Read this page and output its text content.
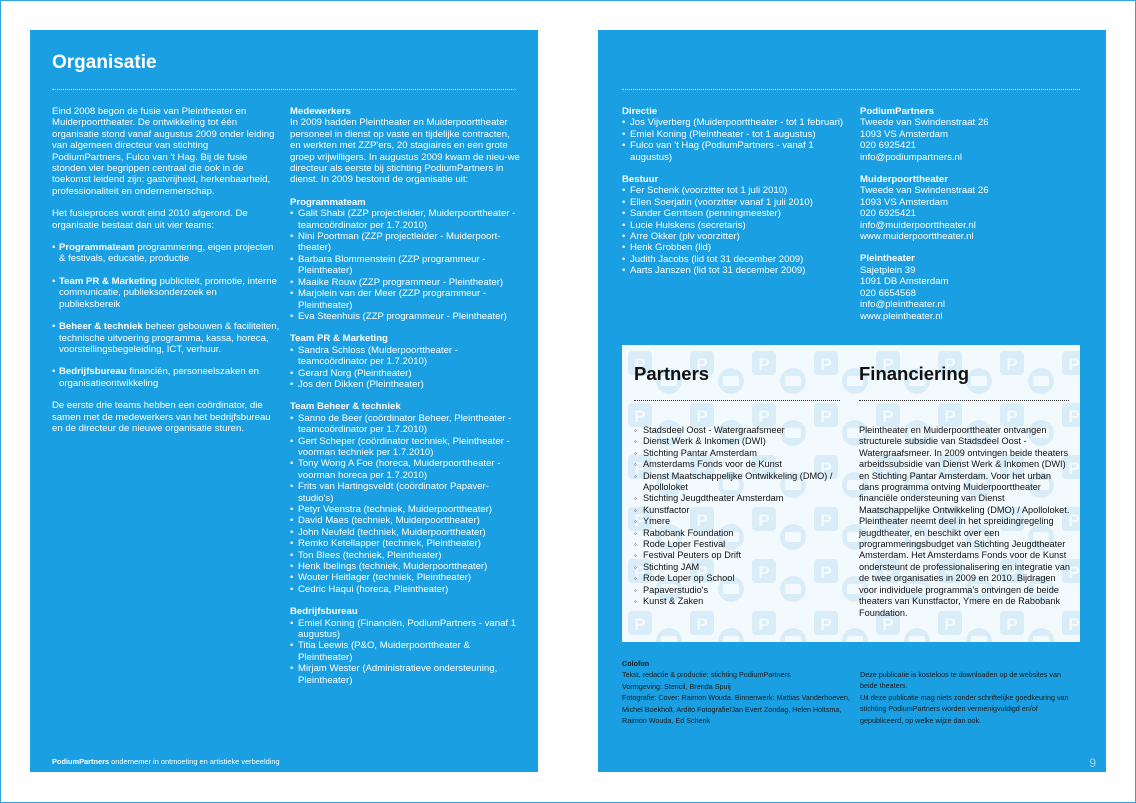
Organisatie

Eind 2008 begon de fusie van Pleintheater en Muiderpoorttheater. De ontwikkeling tot één organisatie stond vanaf augustus 2009 onder leiding van algemeen directeur van stichting PodiumPartners, Fulco van 't Hag. Bij de fusie stonden vier begrippen centraal die ook in de toekomst leidend zijn: gastvrijheid, herkenbaarheid, professionaliteit en ondernemerschap.

Het fusieproces wordt eind 2010 afgerond. De organisatie bestaat dan uit vier teams:

• Programmateam programmering, eigen projecten & festivals, educatie, productie
• Team PR & Marketing publiciteit, promotie, interne communicatie, publieksonderzoek en publieksbereik
• Beheer & techniek beheer gebouwen & faciliteiten, technische uitvoering programma, kassa, horeca, voorstellingsbegeleiding, ICT, verhuur.
• Bedrijfsbureau financiën, personeelszaken en organisatieontwikkeling

De eerste drie teams hebben een coördinator, die samen met de medewerkers van het bedrijfsbureau en de directeur de nieuwe organisatie sturen.

Medewerkers

In 2009 hadden Pleintheater en Muiderpoorttheater personeel in dienst op vaste en tijdelijke contracten, en werkten met ZZP'ers, 20 stagiaires en een grote groep vrijwilligers. In augustus 2009 kwam de nieu-we directeur als eerste bij stichting PodiumPartners in dienst. In 2009 bestond de organisatie uit:

Programmateam

• Galit Shabi (ZZP projectleider, Muiderpoorttheater - teamcoördinator per 1.7.2010)
• Nini Poortman (ZZP projectleider - Muiderpoort-theater)
• Barbara Blommenstein (ZZP programmeur - Pleintheater)
• Maaike Rouw (ZZP programmeur - Pleintheater)
• Marjolein van der Meer (ZZP programmeur - Pleintheater)
• Eva Steenhuis (ZZP programmeur - Pleintheater)

Team PR & Marketing

• Sandra Schloss (Muiderpoorttheater - teamcoördinator per 1.7.2010)
• Gerard Norg (Pleintheater)
• Jos den Dikken (Pleintheater)

Team Beheer & techniek

• Sanno de Beer (coördinator Beheer, Pleintheater - teamcoördinator per 1.7.2010)
• Gert Scheper (coördinator techniek, Pleintheater - voorman techniek per 1.7.2010)
• Tony Wong A Foe (horeca, Muiderpoorttheater - voorman horeca per 1.7.2010)
• Frits van Hartingsveldt (coördinator Papaver-studio's)
• Petyr Veenstra (techniek, Muiderpoorttheater)
• David Maes (techniek, Muiderpoorttheater)
• John Neufeld (techniek, Muiderpoorttheater)
• Remko Ketellapper (techniek, Pleintheater)
• Ton Blees (techniek, Pleintheater)
• Henk Ibelings (techniek, Muiderpoorttheater)
• Wouter Heitlager (techniek, Pleintheater)
• Cedric Haqui (horeca, Pleintheater)

Bedrijfsbureau

• Emiel Koning (Financiën, PodiumPartners - vanaf 1 augustus)
• Titia Leewis (P&O, Muiderpoorttheater & Pleintheater)
• Mirjam Wester (Administratieve ondersteuning, Pleintheater)
PodiumPartners ondernemer in ontmoeting en artistieke verbeelding

Directie

• Jos Vijverberg (Muiderpoorttheater - tot 1 februari)
• Emiel Koning (Pleintheater - tot 1 augustus)
• Fulco van 't Hag (PodiumPartners - vanaf 1 augustus)

Bestuur

• Fer Schenk (voorzitter tot 1 juli 2010)
• Ellen Soerjatin (voorzitter vanaf 1 juli 2010)
• Sander Gerritsen (penningmeester)
• Lucie Huiskens (secretaris)
• Arre Okker (plv voorzitter)
• Henk Grobben (lid)
• Judith Jacobs (lid tot 31 december 2009)
• Aarts Janszen (lid tot 31 december 2009)

PodiumPartners

Tweede van Swindenstraat 26

1093 VS Amsterdam

020 6925421

info@podiumpartners.nl

Muiderpoorttheater

Tweede van Swindenstraat 26

1093 VS Amsterdam

020 6925421

info@muiderpoorttheater.nl

www.muiderpoorttheater.nl

Pleintheater

Sajetplein 39

1091 DB Amsterdam

020 6654568

info@pleintheater.nl

www.pleintheater.nl

Partners	Financiering
◦ Stadsdeel Oost - Watergraafsmeer
◦ Dienst Werk & Inkomen (DWI)
◦ Stichting Pantar Amsterdam
◦ Amsterdams Fonds voor de Kunst
◦ Dienst Maatschappelijke Ontwikkeling (DMO) / Apolloloket
◦ Stichting Jeugdtheater Amsterdam
◦ Kunstfactor
◦ Ymere
◦ Rabobank Foundation
◦ Rode Loper Festival
◦ Festival Peuters op Drift
◦ Stichting JAM
◦ Rode Loper op School
◦ Papaverstudio's
◦ Kunst & Zaken

Pleintheater en Muiderpoorttheater ontvangen structurele subsidie van Stadsdeel Oost - Watergraafsmeer. In 2009 ontvingen beide theaters arbeidssubsidie van Dienst Werk & Inkomen (DWI) en Stichting Pantar Amsterdam. Voor het urban dans programma ontving Muiderpoorttheater financiële ondersteuning van Dienst Maatschappelijke Ontwikkeling (DMO) / Apolloloket. Pleintheater neemt deel in het spreidingregeling jeugdtheater, en beschikt over een programmeringsbudget van Stichting Jeugdtheater Amsterdam. Het Amsterdams Fonds voor de Kunst ondersteunt de professionalisering en integratie van de twee organisaties in 2009 en 2010. Bijdragen voor individuele programma's ontvingen de beide theaters van Kunstfactor, Ymere en de Rabobank Foundation.

Colofon
Tekst, redactie & productie: stichting PodiumPartners
Vormgeving: Stencil, Brenda Spuij
Fotografie: Cover: Raimon Wouda. Binnenwerk: Mattias Vanderhoeven, Michel Boekholt, Ardito Fotografie/Jan Evert Zondag, Helen Holtsma, Raimon Wouda, Ed Schenk
Deze publicatie is kosteloos te downloaden op de websites van beide theaters.
Uit deze publicatie mag niets zonder schriftelijke goedkeuring van stichting PodiumPartners worden vermenigvuldigd en/of gepubliceerd, op welke wijze dan ook.
9
